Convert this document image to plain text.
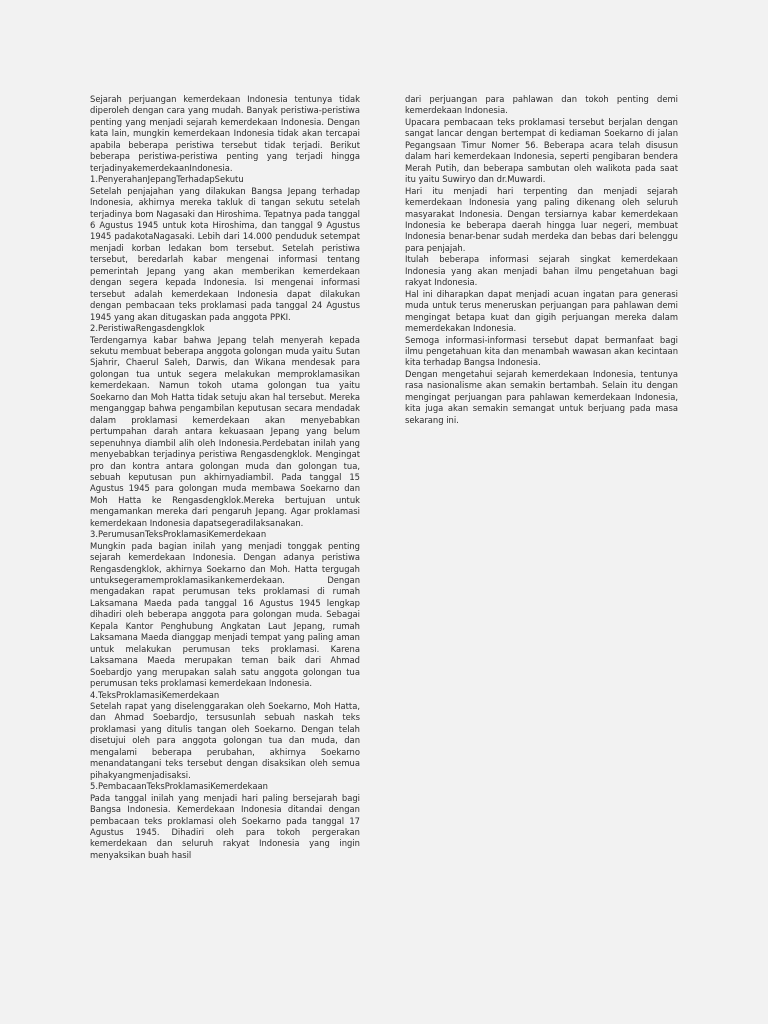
Sejarah perjuangan kemerdekaan Indonesia tentunya tidak diperoleh dengan cara yang mudah. Banyak peristiwa-peristiwa penting yang menjadi sejarah kemerdekaan Indonesia. Dengan kata lain, mungkin kemerdekaan Indonesia tidak akan tercapai apabila beberapa peristiwa tersebut tidak terjadi. Berikut beberapa peristiwa-peristiwa penting yang terjadi hingga terjadinyakemerdekaanIndonesia.

1.PenyerahanJepangTerhadapSekutu

Setelah penjajahan yang dilakukan Bangsa Jepang terhadap Indonesia, akhirnya mereka takluk di tangan sekutu setelah terjadinya bom Nagasaki dan Hiroshima. Tepatnya pada tanggal 6 Agustus 1945 untuk kota Hiroshima, dan tanggal 9 Agustus 1945 padakotaNagasaki. Lebih dari 14.000 penduduk setempat menjadi korban ledakan bom tersebut. Setelah peristiwa tersebut, beredarlah kabar mengenai informasi tentang pemerintah Jepang yang akan memberikan kemerdekaan dengan segera kepada Indonesia. Isi mengenai informasi tersebut adalah kemerdekaan Indonesia dapat dilakukan dengan pembacaan teks proklamasi pada tanggal 24 Agustus 1945 yang akan ditugaskan pada anggota PPKI.

2.PeristiwaRengasdengklok

Terdengarnya kabar bahwa Jepang telah menyerah kepada sekutu membuat beberapa anggota golongan muda yaitu Sutan Sjahrir, Chaerul Saleh, Darwis, dan Wikana mendesak para golongan tua untuk segera melakukan memproklamasikan kemerdekaan. Namun tokoh utama golongan tua yaitu Soekarno dan Moh Hatta tidak setuju akan hal tersebut. Mereka menganggap bahwa pengambilan keputusan secara mendadak dalam proklamasi kemerdekaan akan menyebabkan pertumpahan darah antara kekuasaan Jepang yang belum sepenuhnya diambil alih oleh Indonesia.Perdebatan inilah yang menyebabkan terjadinya peristiwa Rengasdengklok. Mengingat pro dan kontra antara golongan muda dan golongan tua, sebuah keputusan pun akhirnyadiambil. Pada tanggal 15 Agustus 1945 para golongan muda membawa Soekarno dan Moh Hatta ke Rengasdengklok.Mereka bertujuan untuk mengamankan mereka dari pengaruh Jepang. Agar proklamasi kemerdekaan Indonesia dapatsegeradilaksanakan.

3.PerumusanTeksProklamasiKemerdekaan

Mungkin pada bagian inilah yang menjadi tonggak penting sejarah kemerdekaan Indonesia. Dengan adanya peristiwa Rengasdengklok, akhirnya Soekarno dan Moh. Hatta tergugah untuksegeramemproklamasikankemerdekaan. Dengan mengadakan rapat perumusan teks proklamasi di rumah Laksamana Maeda pada tanggal 16 Agustus 1945 lengkap dihadiri oleh beberapa anggota para golongan muda. Sebagai Kepala Kantor Penghubung Angkatan Laut Jepang, rumah Laksamana Maeda dianggap menjadi tempat yang paling aman untuk melakukan perumusan teks proklamasi. Karena Laksamana Maeda merupakan teman baik dari Ahmad Soebardjo yang merupakan salah satu anggota golongan tua perumusan teks proklamasi kemerdekaan Indonesia.

4.TeksProklamasiKemerdekaan

Setelah rapat yang diselenggarakan oleh Soekarno, Moh Hatta, dan Ahmad Soebardjo, tersusunlah sebuah naskah teks proklamasi yang ditulis tangan oleh Soekarno. Dengan telah disetujui oleh para anggota golongan tua dan muda, dan mengalami beberapa perubahan, akhirnya Soekarno menandatangani teks tersebut dengan disaksikan oleh semua pihakyangmenjadisaksi.

5.PembacaanTeksProklamasiKemerdekaan

Pada tanggal inilah yang menjadi hari paling bersejarah bagi Bangsa Indonesia. Kemerdekaan Indonesia ditandai dengan pembacaan teks proklamasi oleh Soekarno pada tanggal 17 Agustus 1945. Dihadiri oleh para tokoh pergerakan kemerdekaan dan seluruh rakyat Indonesia yang ingin menyaksikan buah hasil

dari perjuangan para pahlawan dan tokoh penting demi kemerdekaan Indonesia.

Upacara pembacaan teks proklamasi tersebut berjalan dengan sangat lancar dengan bertempat di kediaman Soekarno di jalan Pegangsaan Timur Nomer 56. Beberapa acara telah disusun dalam hari kemerdekaan Indonesia, seperti pengibaran bendera Merah Putih, dan beberapa sambutan oleh walikota pada saat itu yaitu Suwiryo dan dr.Muwardi.

Hari itu menjadi hari terpenting dan menjadi sejarah kemerdekaan Indonesia yang paling dikenang oleh seluruh masyarakat Indonesia. Dengan tersiarnya kabar kemerdekaan Indonesia ke beberapa daerah hingga luar negeri, membuat Indonesia benar-benar sudah merdeka dan bebas dari belenggu para penjajah.

Itulah beberapa informasi sejarah singkat kemerdekaan Indonesia yang akan menjadi bahan ilmu pengetahuan bagi rakyat Indonesia.

Hal ini diharapkan dapat menjadi acuan ingatan para generasi muda untuk terus meneruskan perjuangan para pahlawan demi mengingat betapa kuat dan gigih perjuangan mereka dalam memerdekakan Indonesia.

Semoga informasi-informasi tersebut dapat bermanfaat bagi ilmu pengetahuan kita dan menambah wawasan akan kecintaan kita terhadap Bangsa Indonesia.

Dengan mengetahui sejarah kemerdekaan Indonesia, tentunya rasa nasionalisme akan semakin bertambah. Selain itu dengan mengingat perjuangan para pahlawan kemerdekaan Indonesia, kita juga akan semakin semangat untuk berjuang pada masa sekarang ini.
